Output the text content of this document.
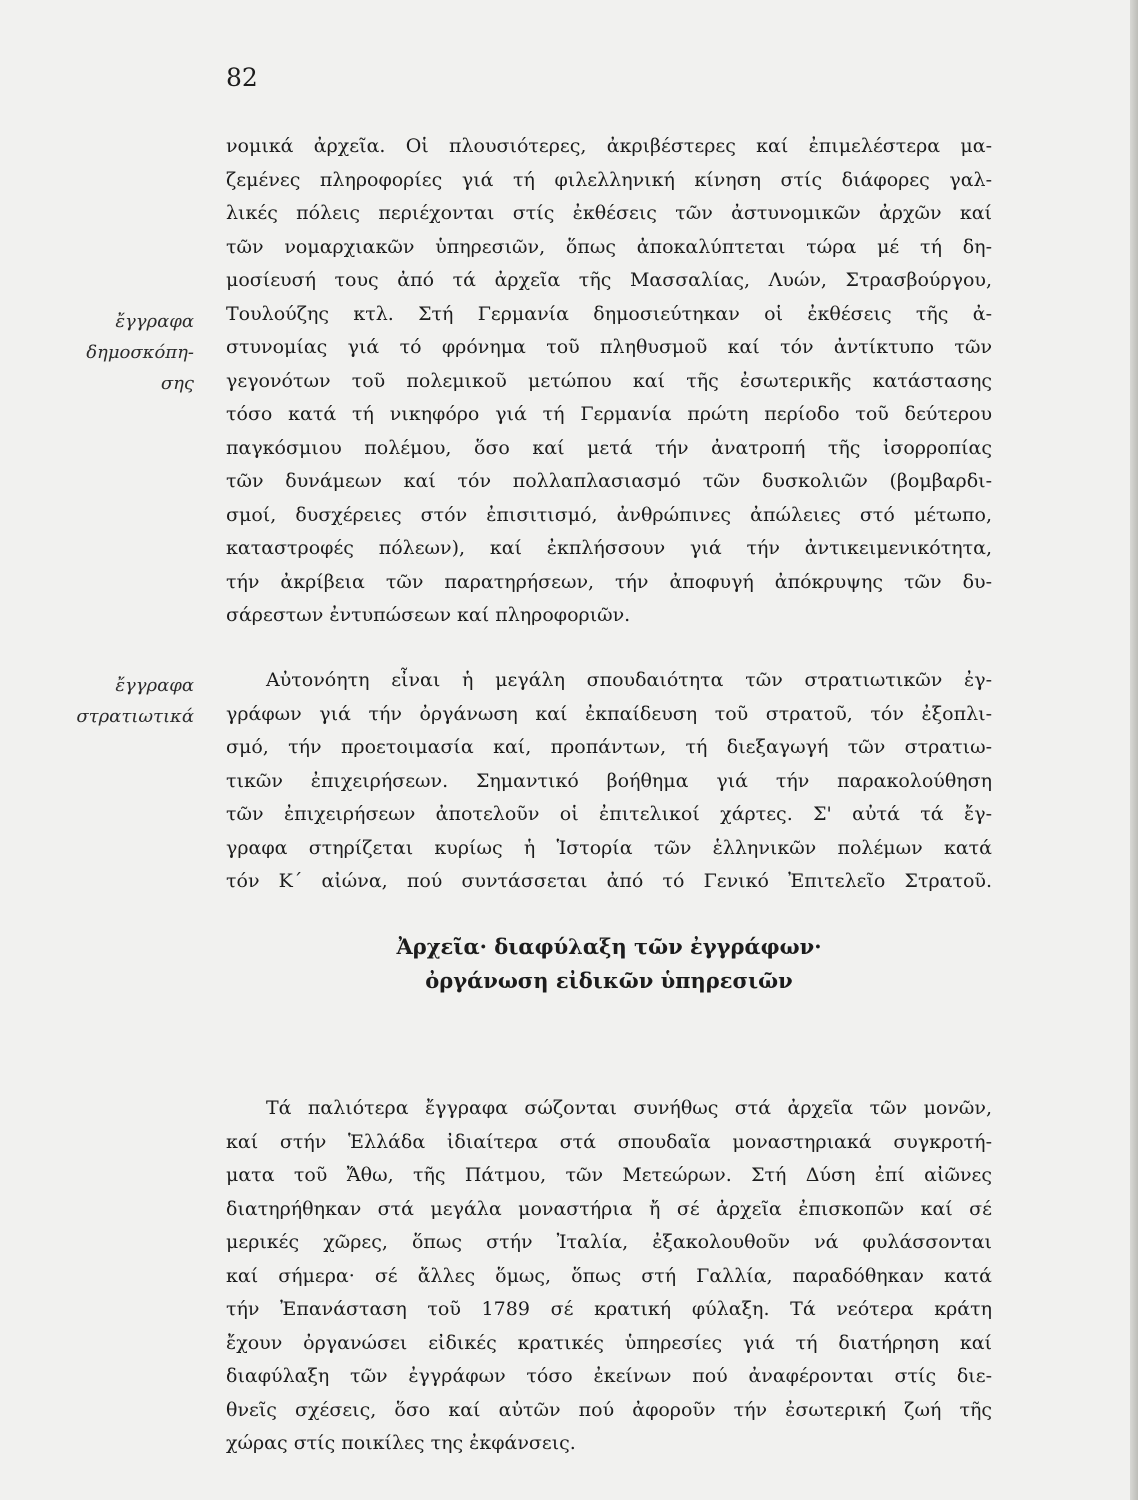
82
ἔγγραφα
δημοσκόπη-
σης
ἔγγραφα
στρατιωτικά
νομικά ἀρχεῖα. Οἱ πλουσιότερες, ἀκριβέστερες καί ἐπιμελέστερα μα-
ζεμένες πληροφορίες γιά τή φιλελληνική κίνηση στίς διάφορες γαλ-
λικές πόλεις περιέχονται στίς ἐκθέσεις τῶν ἀστυνομικῶν ἀρχῶν καί
τῶν νομαρχιακῶν ὑπηρεσιῶν, ὅπως ἀποκαλύπτεται τώρα μέ τή δη-
μοσίευσή τους ἀπό τά ἀρχεῖα τῆς Μασσαλίας, Λυών, Στρασβούργου,
Τουλούζης κτλ. Στή Γερμανία δημοσιεύτηκαν οἱ ἐκθέσεις τῆς ἀ-
στυνομίας γιά τό φρόνημα τοῦ πληθυσμοῦ καί τόν ἀντίκτυπο τῶν
γεγονότων τοῦ πολεμικοῦ μετώπου καί τῆς ἐσωτερικῆς κατάστασης
τόσο κατά τή νικηφόρο γιά τή Γερμανία πρώτη περίοδο τοῦ δεύτερου
παγκόσμιου πολέμου, ὅσο καί μετά τήν ἀνατροπή τῆς ἰσορροπίας
τῶν δυνάμεων καί τόν πολλαπλασιασμό τῶν δυσκολιῶν (βομβαρδι-
σμοί, δυσχέρειες στόν ἐπισιτισμό, ἀνθρώπινες ἀπώλειες στό μέτωπο,
καταστροφές πόλεων), καί ἐκπλήσσουν γιά τήν ἀντικειμενικότητα,
τήν ἀκρίβεια τῶν παρατηρήσεων, τήν ἀποφυγή ἀπόκρυψης τῶν δυ-
σάρεστων ἐντυπώσεων καί πληροφοριῶν.
Αὐτονόητη εἶναι ἡ μεγάλη σπουδαιότητα τῶν στρατιωτικῶν ἐγ-
γράφων γιά τήν ὀργάνωση καί ἐκπαίδευση τοῦ στρατοῦ, τόν ἐξοπλι-
σμό, τήν προετοιμασία καί, προπάντων, τή διεξαγωγή τῶν στρατιω-
τικῶν ἐπιχειρήσεων. Σημαντικό βοήθημα γιά τήν παρακολούθηση
τῶν ἐπιχειρήσεων ἀποτελοῦν οἱ ἐπιτελικοί χάρτες. Σ' αὐτά τά ἔγ-
γραφα στηρίζεται κυρίως ἡ Ἱστορία τῶν ἑλληνικῶν πολέμων κατά
τόν Κ´ αἰώνα, πού συντάσσεται ἀπό τό Γενικό Ἐπιτελεῖο Στρατοῦ.
Ἀρχεῖα· διαφύλαξη τῶν ἐγγράφων·
ὀργάνωση εἰδικῶν ὑπηρεσιῶν
Τά παλιότερα ἔγγραφα σώζονται συνήθως στά ἀρχεῖα τῶν μονῶν,
καί στήν Ἑλλάδα ἰδιαίτερα στά σπουδαῖα μοναστηριακά συγκροτή-
ματα τοῦ Ἄθω, τῆς Πάτμου, τῶν Μετεώρων. Στή Δύση ἐπί αἰῶνες
διατηρήθηκαν στά μεγάλα μοναστήρια ἤ σέ ἀρχεῖα ἐπισκοπῶν καί σέ
μερικές χῶρες, ὅπως στήν Ἰταλία, ἐξακολουθοῦν νά φυλάσσονται
καί σήμερα· σέ ἄλλες ὅμως, ὅπως στή Γαλλία, παραδόθηκαν κατά
τήν Ἐπανάσταση τοῦ 1789 σέ κρατική φύλαξη. Τά νεότερα κράτη
ἔχουν ὀργανώσει εἰδικές κρατικές ὑπηρεσίες γιά τή διατήρηση καί
διαφύλαξη τῶν ἐγγράφων τόσο ἐκείνων πού ἀναφέρονται στίς διε-
θνεῖς σχέσεις, ὅσο καί αὐτῶν πού ἀφοροῦν τήν ἐσωτερική ζωή τῆς
χώρας στίς ποικίλες της ἐκφάνσεις.
